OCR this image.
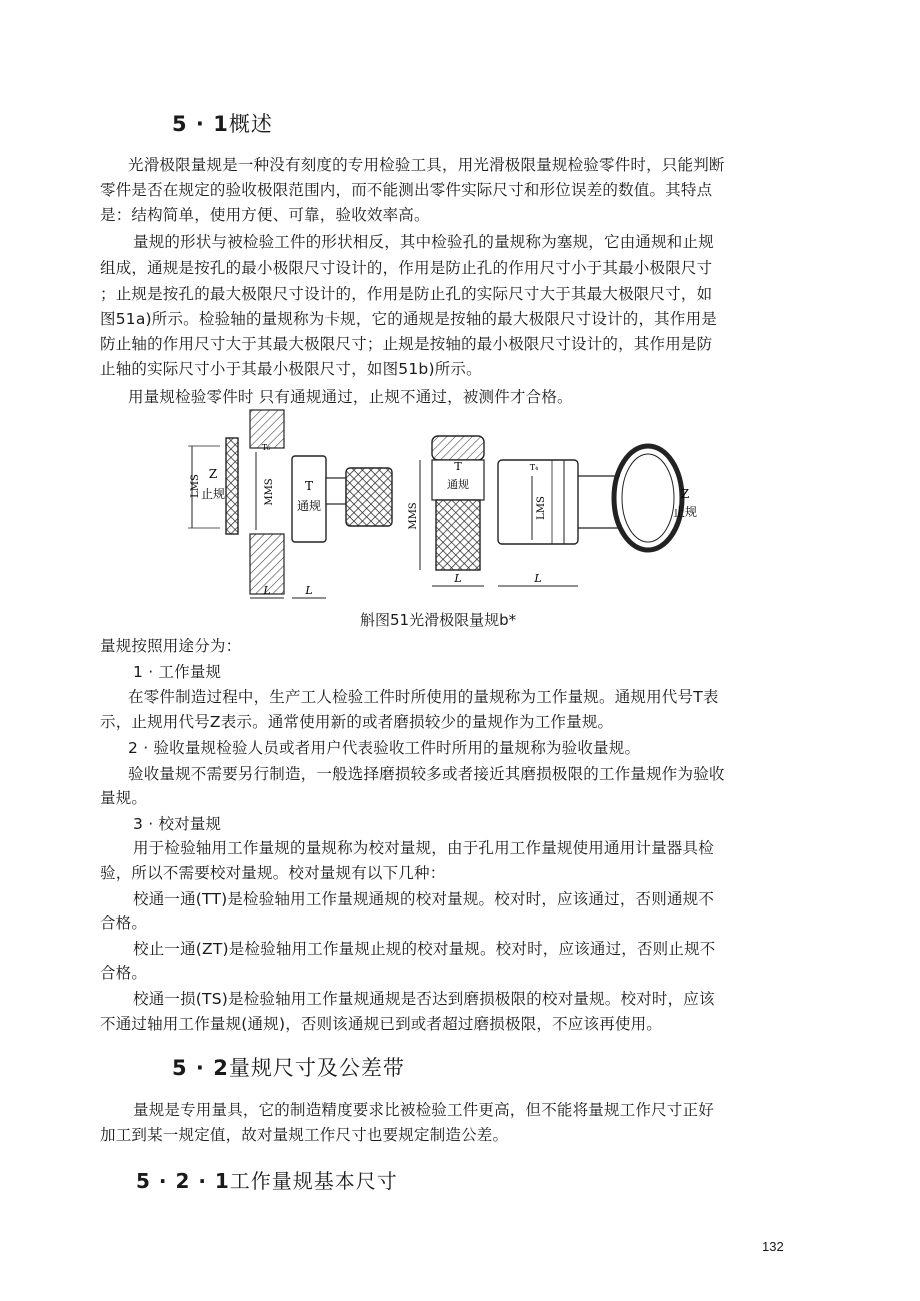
5 · 1概述
光滑极限量规是一种没有刻度的专用检验工具，用光滑极限量规检验零件时，只能判断
零件是否在规定的验收极限范围内，而不能测出零件实际尺寸和形位误差的数值。其特点
是：结构简单，使用方便、可靠，验收效率高。
量规的形状与被检验工件的形状相反，其中检验孔的量规称为塞规，它由通规和止规
组成，通规是按孔的最小极限尺寸设计的，作用是防止孔的作用尺寸小于其最小极限尺寸
；止规是按孔的最大极限尺寸设计的，作用是防止孔的实际尺寸大于其最大极限尺寸，如
图51a)所示。检验轴的量规称为卡规，它的通规是按轴的最大极限尺寸设计的，其作用是
防止轴的作用尺寸大于其最大极限尺寸；止规是按轴的最小极限尺寸设计的，其作用是防
止轴的实际尺寸小于其最小极限尺寸，如图51b)所示。
用量规检验零件时 只有通规通过，止规不通过，被测件才合格。
LMS
Z
止规	MMS
T₆
T
通规
L	L
T
通规
MMS
L
T₄
LMS
Z
止规
L
斛图51光滑极限量规b*
量规按照用途分为：
1 · 工作量规
在零件制造过程中，生产工人检验工件时所使用的量规称为工作量规。通规用代号T表
示，止规用代号Z表示。通常使用新的或者磨损较少的量规作为工作量规。
2 · 验收量规检验人员或者用户代表验收工件时所用的量规称为验收量规。
验收量规不需要另行制造，一般选择磨损较多或者接近其磨损极限的工作量规作为验收
量规。
3 · 校对量规
用于检验轴用工作量规的量规称为校对量规，由于孔用工作量规使用通用计量器具检
验，所以不需要校对量规。校对量规有以下几种：
校通一通(TT)是检验轴用工作量规通规的校对量规。校对时，应该通过，否则通规不
合格。
校止一通(ZT)是检验轴用工作量规止规的校对量规。校对时，应该通过，否则止规不
合格。
校通一损(TS)是检验轴用工作量规通规是否达到磨损极限的校对量规。校对时，应该
不通过轴用工作量规(通规)，否则该通规已到或者超过磨损极限，不应该再使用。
5 · 2量规尺寸及公差带
量规是专用量具，它的制造精度要求比被检验工件更高，但不能将量规工作尺寸正好
加工到某一规定值，故对量规工作尺寸也要规定制造公差。
5 · 2 · 1工作量规基本尺寸
132
